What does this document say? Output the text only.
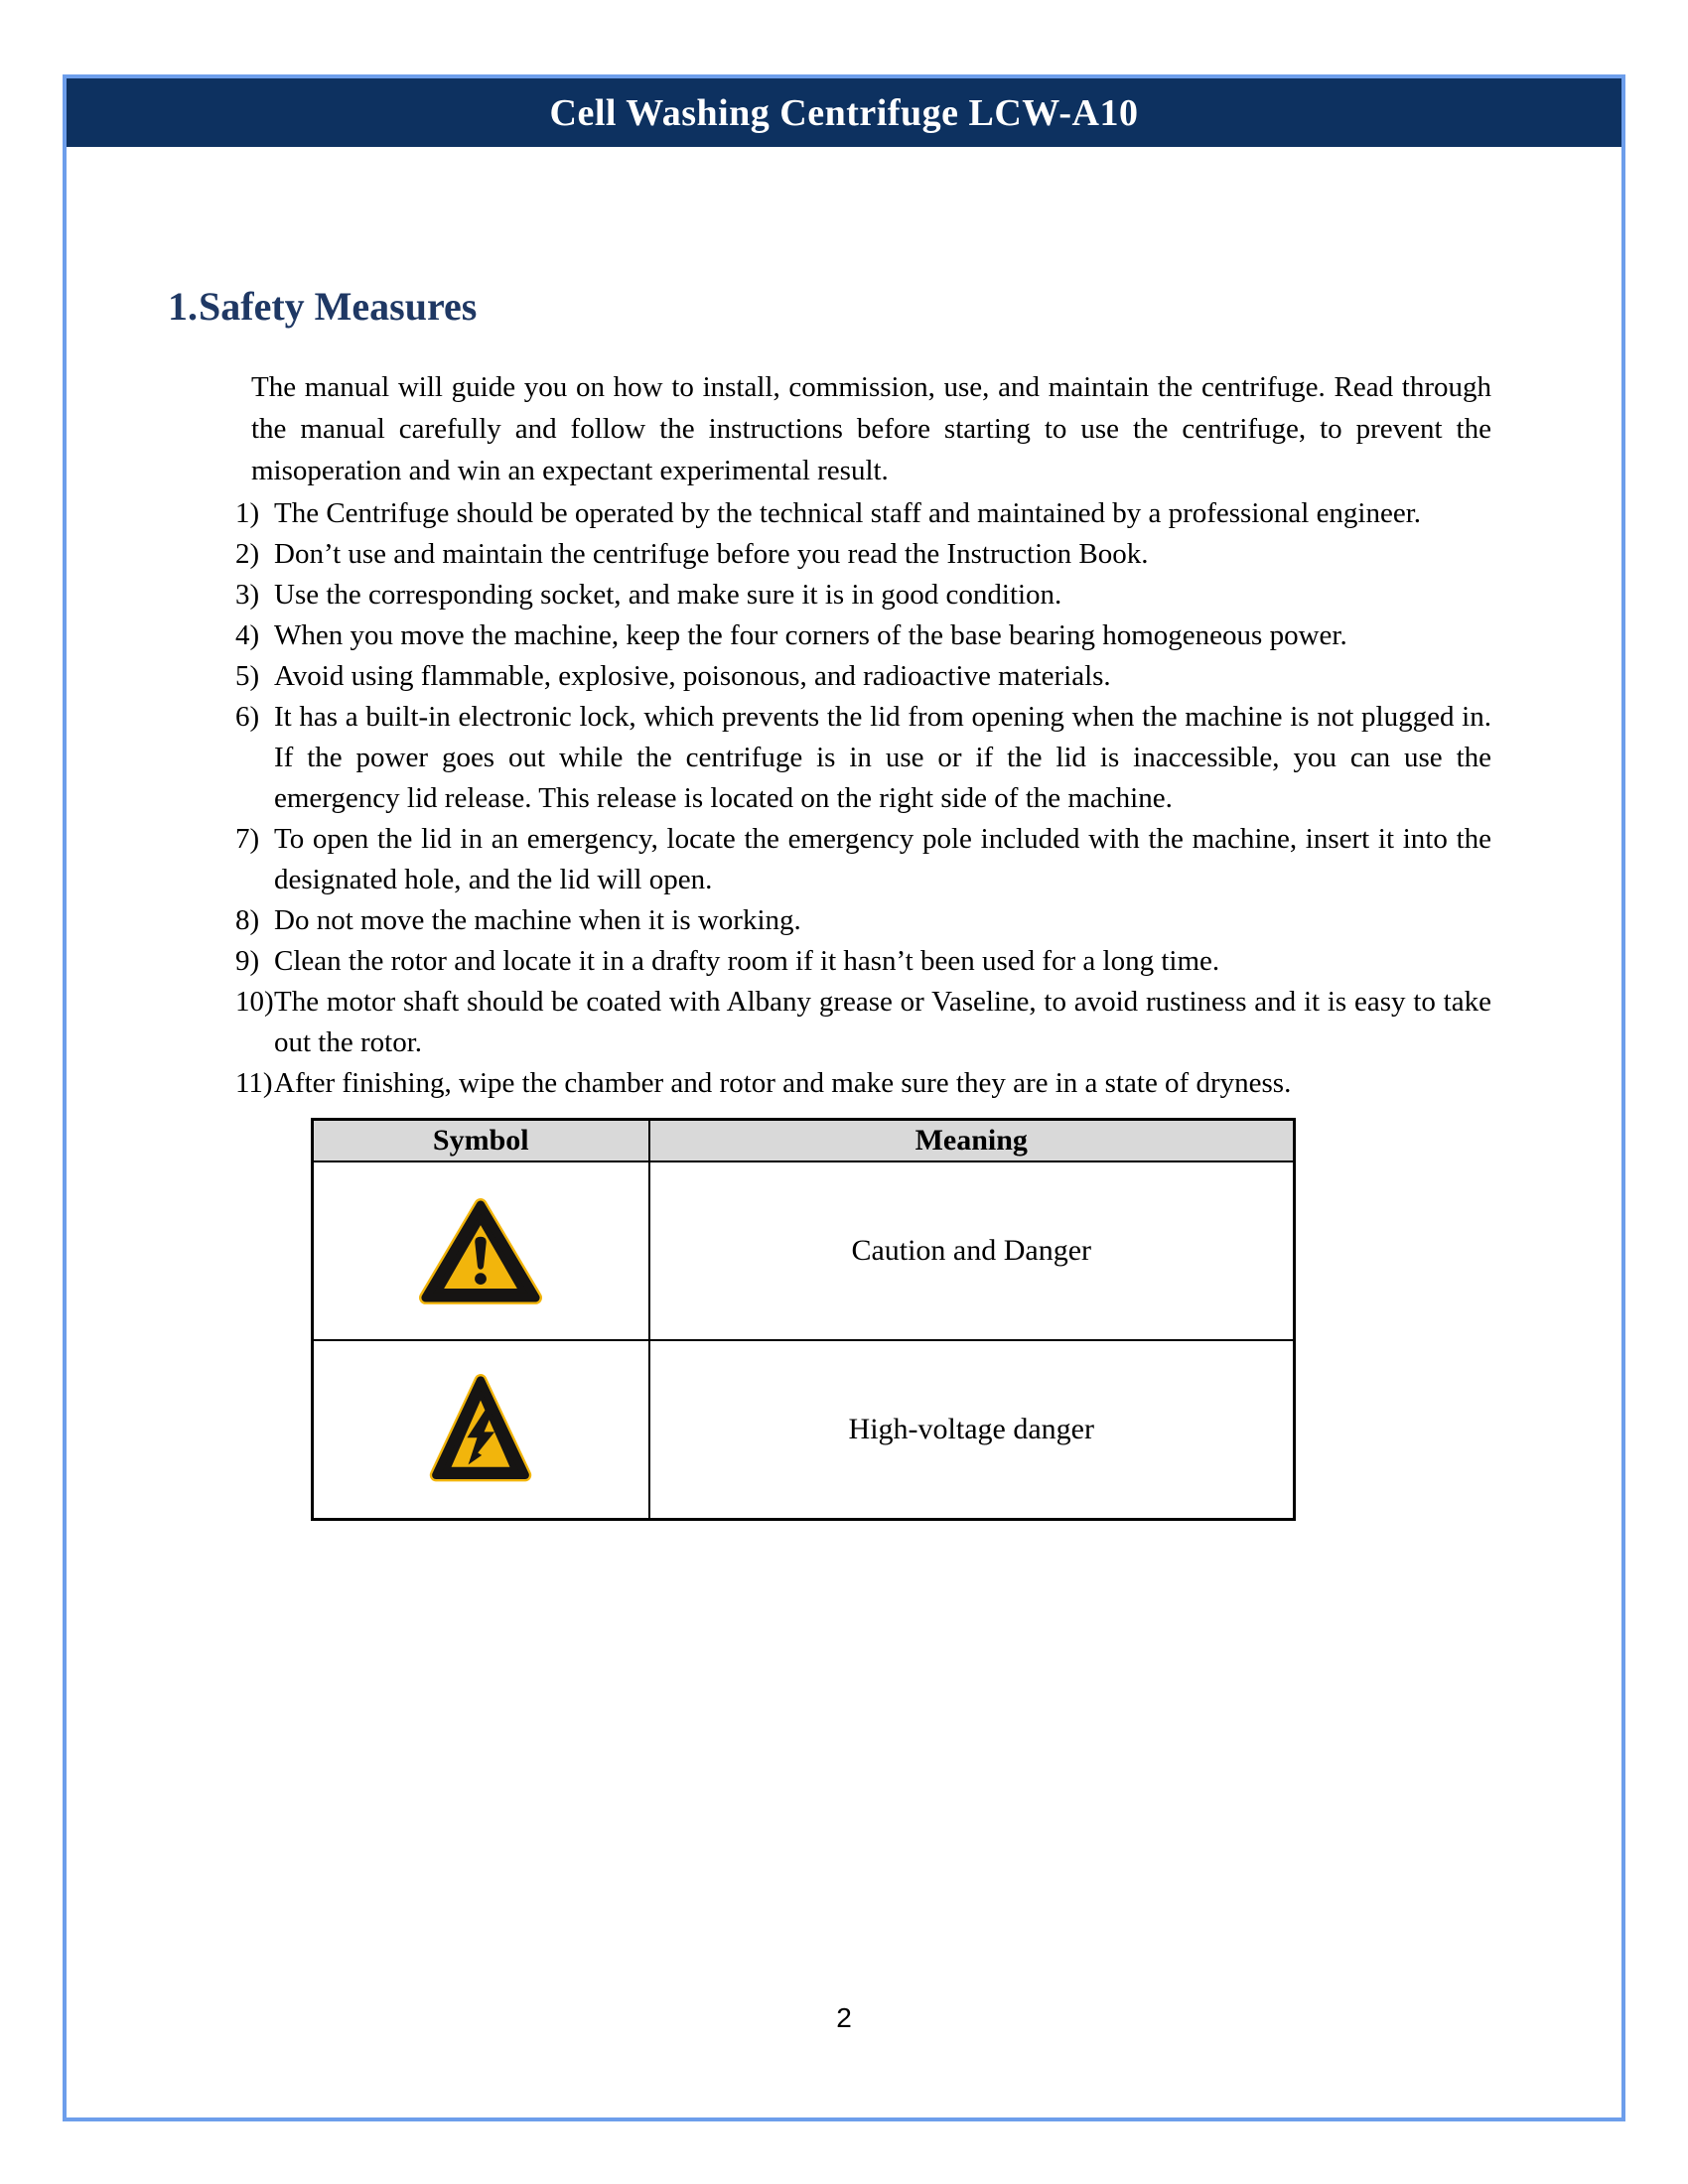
Cell Washing Centrifuge LCW-A10
1. Safety Measures

The manual will guide you on how to install, commission, use, and maintain the centrifuge. Read through the manual carefully and follow the instructions before starting to use the centrifuge, to prevent the misoperation and win an expectant experimental result.

1) The Centrifuge should be operated by the technical staff and maintained by a professional engineer.
2) Don’t use and maintain the centrifuge before you read the Instruction Book.
3) Use the corresponding socket, and make sure it is in good condition.
4) When you move the machine, keep the four corners of the base bearing homogeneous power.
5) Avoid using flammable, explosive, poisonous, and radioactive materials.
6) It has a built-in electronic lock, which prevents the lid from opening when the machine is not plugged in. If the power goes out while the centrifuge is in use or if the lid is inaccessible, you can use the emergency lid release. This release is located on the right side of the machine.
7) To open the lid in an emergency, locate the emergency pole included with the machine, insert it into the designated hole, and the lid will open.
8) Do not move the machine when it is working.
9) Clean the rotor and locate it in a drafty room if it hasn’t been used for a long time.
10) The motor shaft should be coated with Albany grease or Vaseline, to avoid rustiness and it is easy to take out the rotor.
11) After finishing, wipe the chamber and rotor and make sure they are in a state of dryness.
Symbol	Meaning
	Caution and Danger
	High-voltage danger
2
